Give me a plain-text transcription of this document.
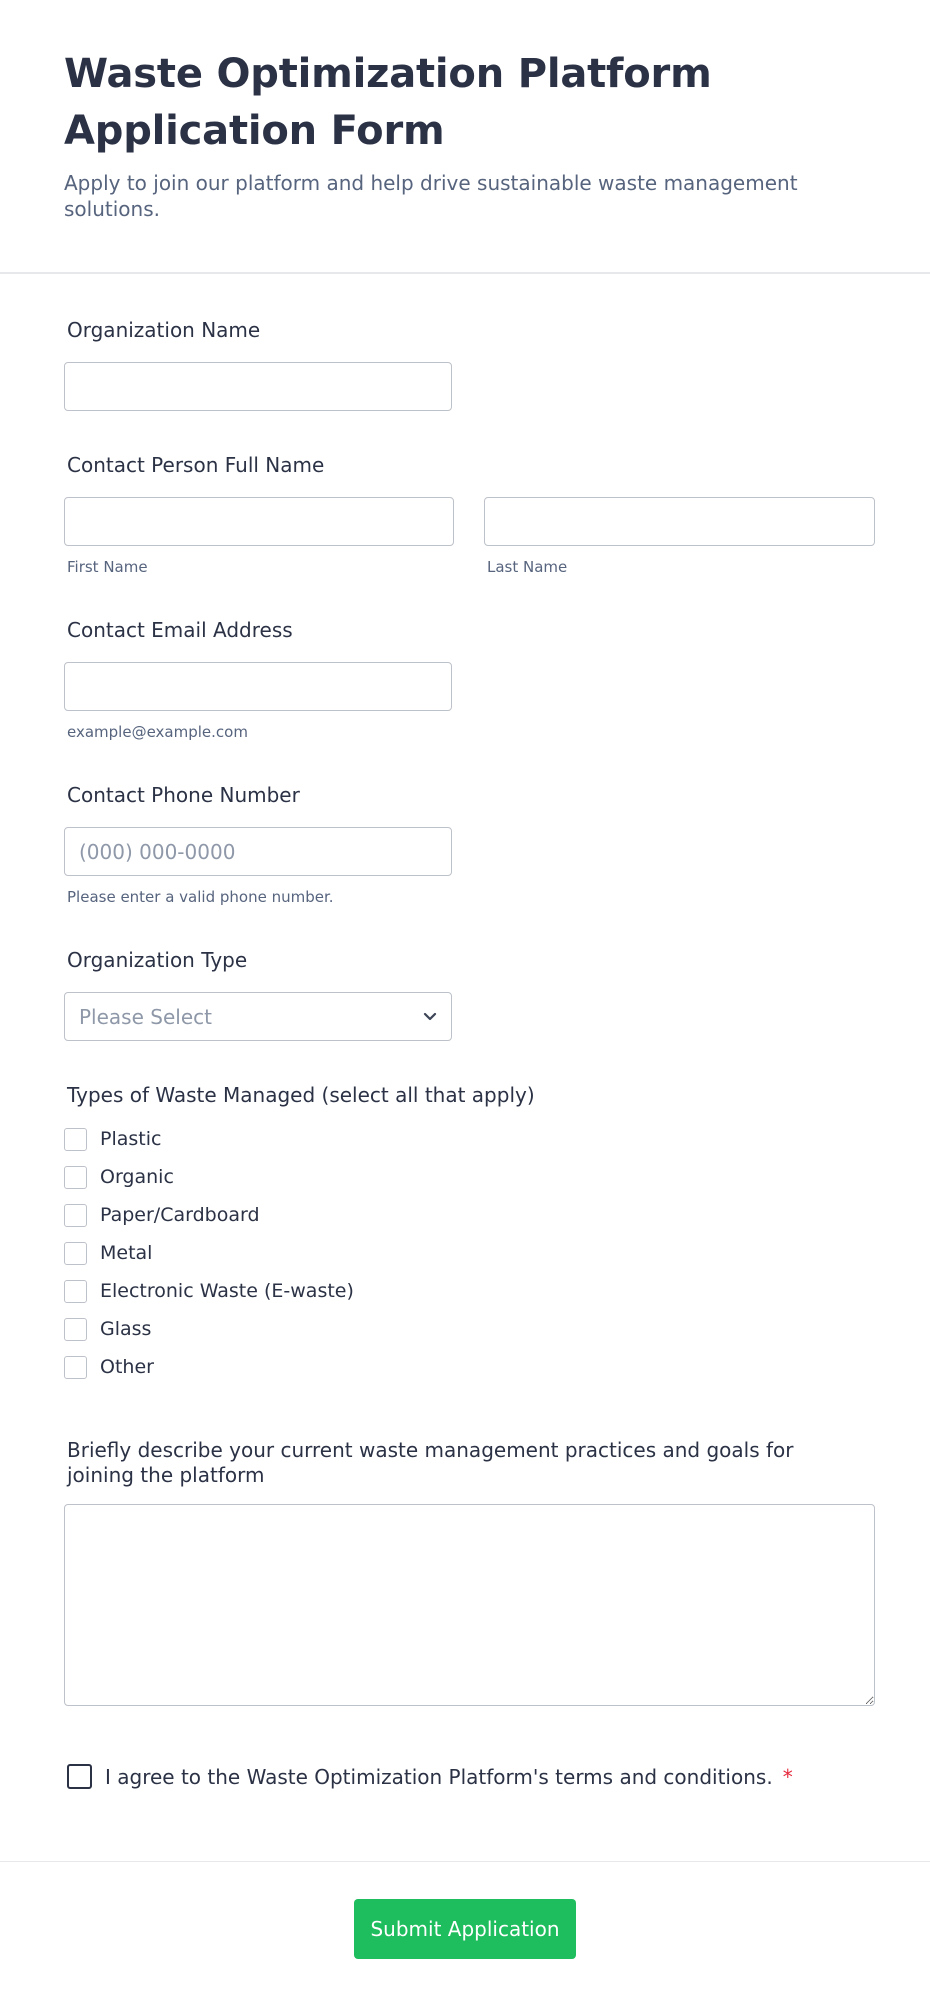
Waste Optimization Platform Application Form
Apply to join our platform and help drive sustainable waste management solutions.
Organization Name
Contact Person Full Name
First Name	Last Name
Contact Email Address
example@example.com
Contact Phone Number
(000) 000-0000
Please enter a valid phone number.
Organization Type
Please Select
Types of Waste Managed (select all that apply)
Plastic
Organic
Paper/Cardboard
Metal
Electronic Waste (E-waste)
Glass
Other
Briefly describe your current waste management practices and goals for joining the platform
I agree to the Waste Optimization Platform's terms and conditions. *
Submit Application
